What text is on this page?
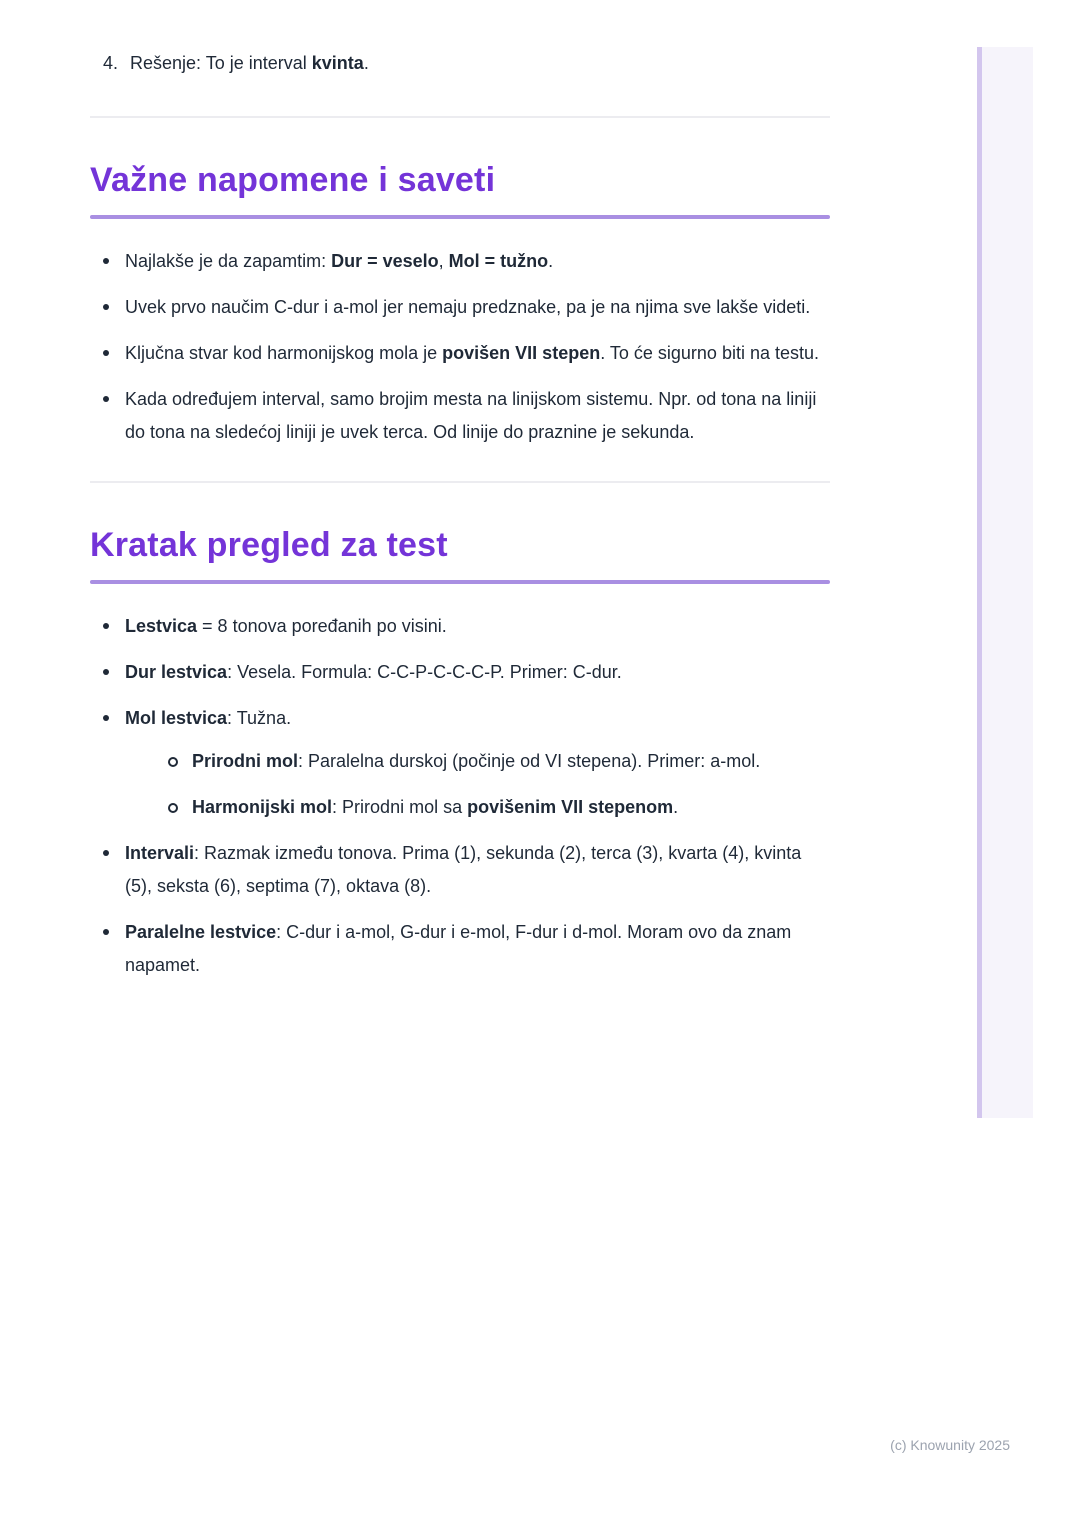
4. Rešenje: To je interval kvinta.
Važne napomene i saveti
Najlakše je da zapamtim: Dur = veselo, Mol = tužno.
Uvek prvo naučim C-dur i a-mol jer nemaju predznake, pa je na njima sve lakše videti.
Ključna stvar kod harmonijskog mola je povišen VII stepen. To će sigurno biti na testu.
Kada određujem interval, samo brojim mesta na linijskom sistemu. Npr. od tona na liniji do tona na sledećoj liniji je uvek terca. Od linije do praznine je sekunda.
Kratak pregled za test
Lestvica = 8 tonova poređanih po visini.
Dur lestvica: Vesela. Formula: C-C-P-C-C-C-P. Primer: C-dur.
Mol lestvica: Tužna.
Prirodni mol: Paralelna durskoj (počinje od VI stepena). Primer: a-mol.
Harmonijski mol: Prirodni mol sa povišenim VII stepenom.
Intervali: Razmak između tonova. Prima (1), sekunda (2), terca (3), kvarta (4), kvinta (5), seksta (6), septima (7), oktava (8).
Paralelne lestvice: C-dur i a-mol, G-dur i e-mol, F-dur i d-mol. Moram ovo da znam napamet.
(c) Knowunity 2025
